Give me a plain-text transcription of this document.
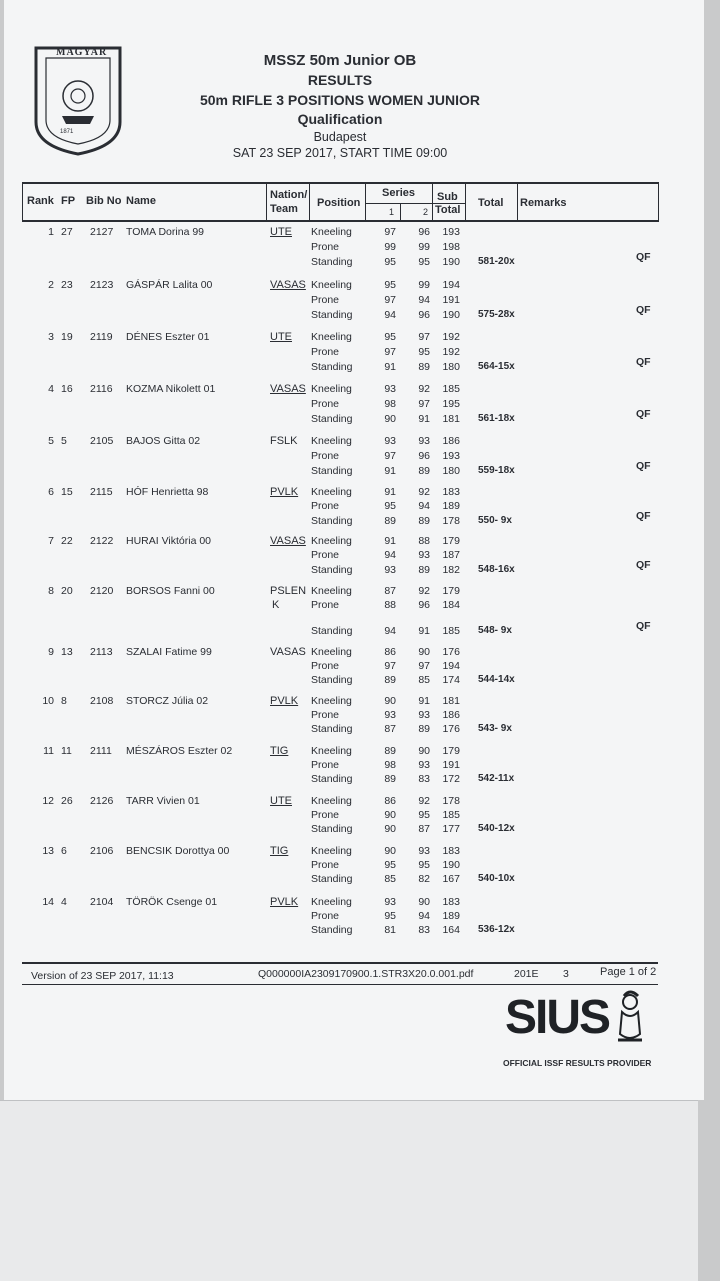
MAGYAR
1871
MSSZ 50m Junior OB
RESULTS
50m RIFLE 3 POSITIONS WOMEN JUNIOR
Qualification
Budapest
SAT 23 SEP 2017, START TIME 09:00
Rank FP Bib No Name	Nation/
Team Position
Series
1	2
Sub
Total
Total Remarks
1 27 2127 TOMA Dorina 99	UTE Kneeling	97	96 193
Prone	99	99 198
Standing	95	95 190 581-20x	QF
2 23 2123 GÁSPÁR Lalita 00	VASAS Kneeling	95	99 194
Prone	97	94 191
Standing	94	96 190 575-28x	QF
3 19 2119 DÉNES Eszter 01	UTE Kneeling	95	97 192
Prone	97	95 192
Standing	91	89 180 564-15x	QF
4 16 2116 KOZMA Nikolett 01	VASAS Kneeling	93	92 185
Prone	98	97 195
Standing	90	91 181 561-18x	QF
5 5 2105 BAJOS Gitta 02	FSLK Kneeling	93	93 186
Prone	97	96 193
Standing	91	89 180 559-18x	QF
6 15 2115 HÓF Henrietta 98	PVLK Kneeling	91	92 183
Prone	95	94 189
Standing	89	89 178 550- 9x	QF
7 22 2122 HURAI Viktória 00	VASAS Kneeling	91	88 179
Prone	94	93 187
Standing	93	89 182 548-16x	QF
8 20 2120 BORSOS Fanni 00	PSLEN
K
Kneeling	87	92 179
Prone	88	96 184
Standing	94	91 185 548- 9x	QF
9 13 2113 SZALAI Fatime 99	VASAS Kneeling	86	90 176
Prone	97	97 194
Standing	89	85 174 544-14x
10 8 2108 STORCZ Júlia 02	PVLK Kneeling	90	91 181
Prone	93	93 186
Standing	87	89 176 543- 9x
11 11 2111 MÉSZÁROS Eszter 02	TIG Kneeling	89	90 179
Prone	98	93 191
Standing	89	83 172 542-11x
12 26 2126 TARR Vivien 01	UTE Kneeling	86	92 178
Prone	90	95 185
Standing	90	87 177 540-12x
13 6 2106 BENCSIK Dorottya 00	TIG Kneeling	90	93 183
Prone	95	95 190
Standing	85	82 167 540-10x
14 4 2104 TÖRÖK Csenge 01	PVLK Kneeling	93	90 183
Prone	95	94 189
Standing	81	83 164 536-12x
Version of 23 SEP 2017, 11:13	Q000000IA2309170900.1.STR3X20.0.001.pdf	201E 3	Page 1 of 2
SIUS
OFFICIAL ISSF RESULTS PROVIDER
